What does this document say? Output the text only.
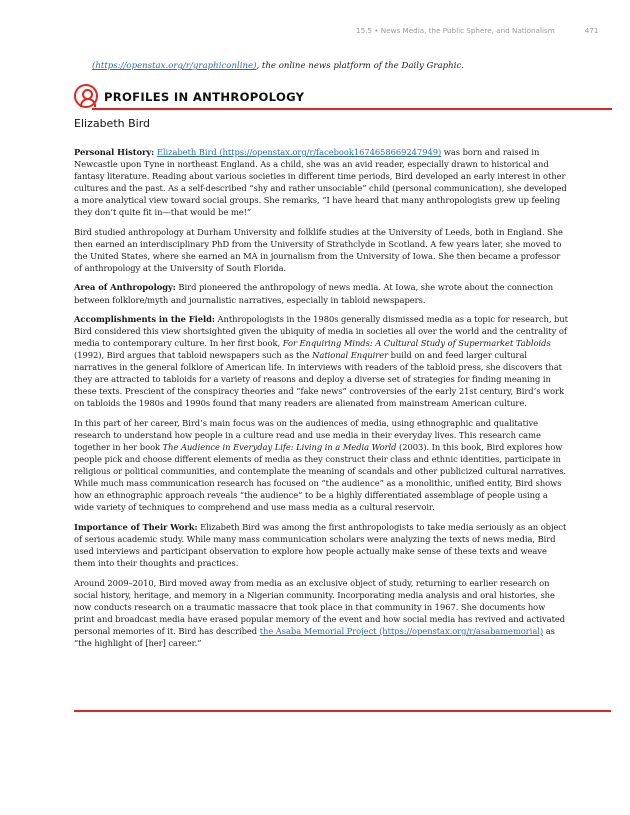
15.5 • News Media, the Public Sphere, and Nationalism	471
(https://openstax.org/r/graphiconline), the online news platform of the Daily Graphic.
PROFILES IN ANTHROPOLOGY
Elizabeth Bird

Personal History: Elizabeth Bird (https://openstax.org/r/facebook1674658669247949) was born and raised in Newcastle upon Tyne in northeast England. As a child, she was an avid reader, especially drawn to historical and fantasy literature. Reading about various societies in different time periods, Bird developed an early interest in other cultures and the past. As a self-described “shy and rather unsociable” child (personal communication), she developed a more analytical view toward social groups. She remarks, “I have heard that many anthropologists grew up feeling they don’t quite fit in—that would be me!”

Bird studied anthropology at Durham University and folklife studies at the University of Leeds, both in England. She then earned an interdisciplinary PhD from the University of Strathclyde in Scotland. A few years later, she moved to the United States, where she earned an MA in journalism from the University of Iowa. She then became a professor of anthropology at the University of South Florida.

Area of Anthropology: Bird pioneered the anthropology of news media. At Iowa, she wrote about the connection between folklore/myth and journalistic narratives, especially in tabloid newspapers.

Accomplishments in the Field: Anthropologists in the 1980s generally dismissed media as a topic for research, but Bird considered this view shortsighted given the ubiquity of media in societies all over the world and the centrality of media to contemporary culture. In her first book, For Enquiring Minds: A Cultural Study of Supermarket Tabloids (1992), Bird argues that tabloid newspapers such as the National Enquirer build on and feed larger cultural narratives in the general folklore of American life. In interviews with readers of the tabloid press, she discovers that they are attracted to tabloids for a variety of reasons and deploy a diverse set of strategies for finding meaning in these texts. Prescient of the conspiracy theories and “fake news” controversies of the early 21st century, Bird’s work on tabloids the 1980s and 1990s found that many readers are alienated from mainstream American culture.

In this part of her career, Bird’s main focus was on the audiences of media, using ethnographic and qualitative research to understand how people in a culture read and use media in their everyday lives. This research came together in her book The Audience in Everyday Life: Living in a Media World (2003). In this book, Bird explores how people pick and choose different elements of media as they construct their class and ethnic identities, participate in religious or political communities, and contemplate the meaning of scandals and other publicized cultural narratives. While much mass communication research has focused on “the audience” as a monolithic, unified entity, Bird shows how an ethnographic approach reveals “the audience” to be a highly differentiated assemblage of people using a wide variety of techniques to comprehend and use mass media as a cultural reservoir.

Importance of Their Work: Elizabeth Bird was among the first anthropologists to take media seriously as an object of serious academic study. While many mass communication scholars were analyzing the texts of news media, Bird used interviews and participant observation to explore how people actually make sense of these texts and weave them into their thoughts and practices.

Around 2009–2010, Bird moved away from media as an exclusive object of study, returning to earlier research on social history, heritage, and memory in a Nigerian community. Incorporating media analysis and oral histories, she now conducts research on a traumatic massacre that took place in that community in 1967. She documents how print and broadcast media have erased popular memory of the event and how social media has revived and activated personal memories of it. Bird has described the Asaba Memorial Project (https://openstax.org/r/asabamemorial) as “the highlight of [her] career.”
